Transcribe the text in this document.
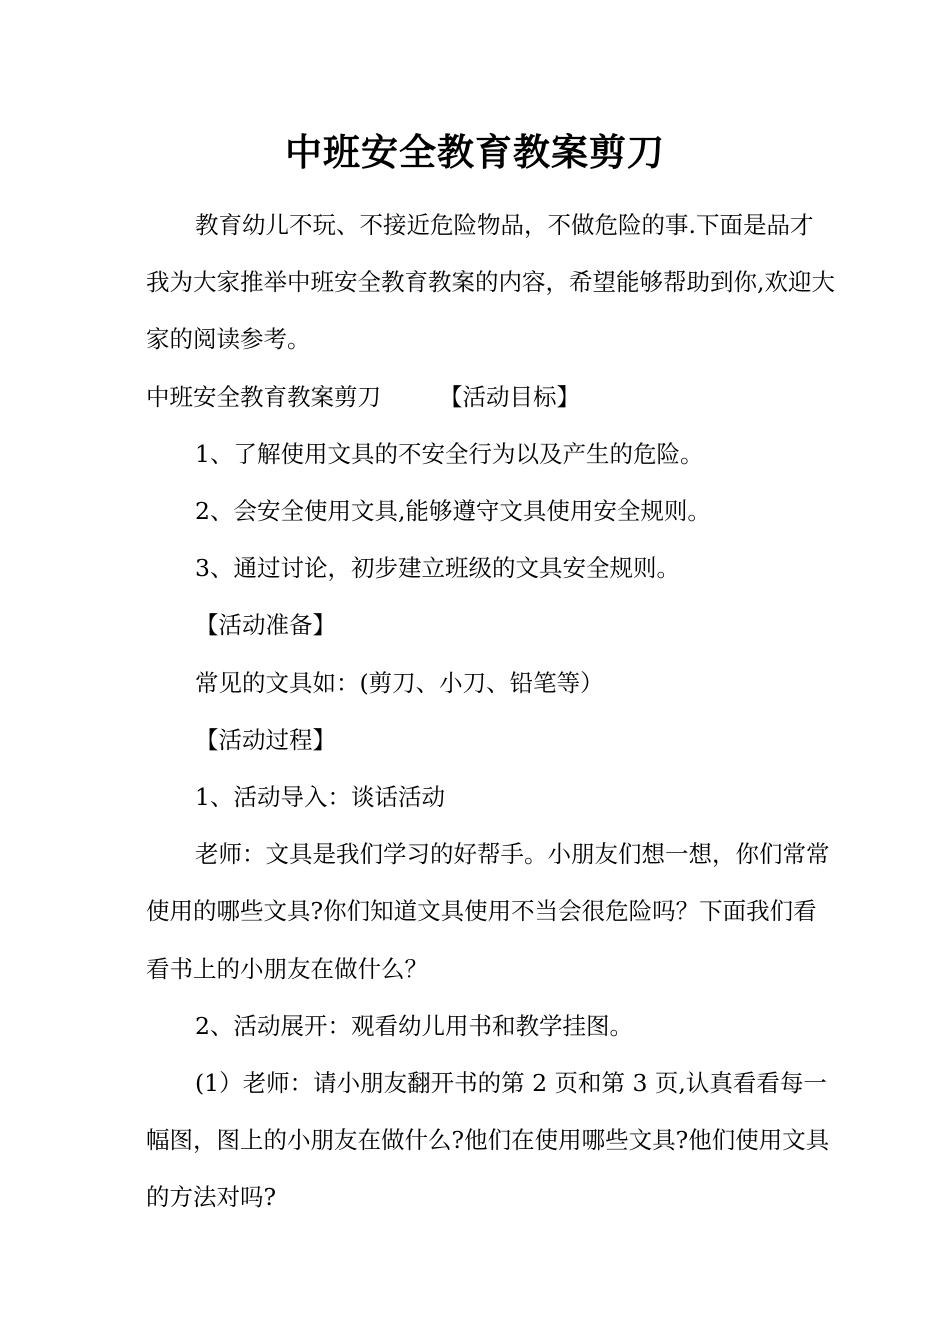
中班安全教育教案剪刀

教育幼儿不玩、不接近危险物品，不做危险的事.下面是品才我为大家推举中班安全教育教案的内容，希望能够帮助到你,欢迎大家的阅读参考。

中班安全教育教案剪刀 【活动目标】

1、了解使用文具的不安全行为以及产生的危险。

2、会安全使用文具,能够遵守文具使用安全规则。

3、通过讨论，初步建立班级的文具安全规则。

【活动准备】

常见的文具如：(剪刀、小刀、铅笔等）

【活动过程】

1、活动导入：谈话活动

老师：文具是我们学习的好帮手。小朋友们想一想，你们常常使用的哪些文具?你们知道文具使用不当会很危险吗？下面我们看看书上的小朋友在做什么？

2、活动展开：观看幼儿用书和教学挂图。

(1）老师：请小朋友翻开书的第 2 页和第 3 页,认真看看每一幅图，图上的小朋友在做什么?他们在使用哪些文具?他们使用文具的方法对吗?
